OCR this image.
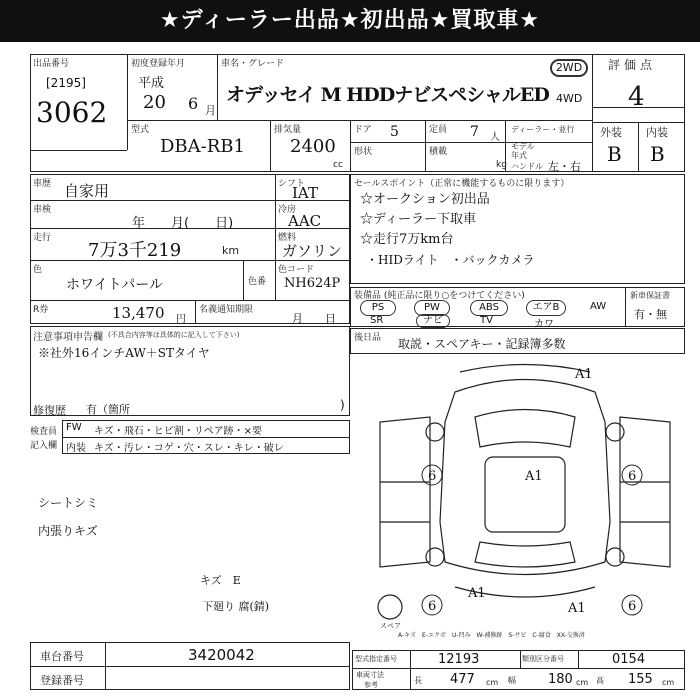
★ディーラー出品★初出品★買取車★
出品番号
[2195]
3062
初度登録年月
平成
20 6 月
車名・グレード
オデッセイ M HDDナビスペシャルED
2WD
4WD
評価点
4
外装 内装
B B
型式
DBA-RB1
排気量
2400
cc
ドア 5	定員 7 人
ディーラー・並行
形状	積載
kg
モデル年式
ハンドル 左・右
車歴 自家用
車検
年　　月(　　日)
走行
7万3千219	km
色
ホワイトパール	色番
R券	13,470 円
名義通知期限
月　　日
シフト
IAT
冷房
AAC
燃料
ガソリン
色コード
NH624P
セールスポイント（正常に機能するものに限ります）
☆オークション初出品
☆ディーラー下取車
☆走行7万km台
・HIDライト　・バックカメラ
装備品 (純正品に限り○をつけてください)
PS	PW	ABS	エアB	AW
SR	ナビ	TV	カワ
新車保証書
有・無
後日品 取説・スペアキー・記録簿多数
注意事項申告欄 (不具合内容等は具体的に記入して下さい)
※社外16インチAW＋STタイヤ
修復歴 有（箇所	)
検査員
記入欄
FW キズ・飛石・ヒビ割・リペア跡・×要
内装 キズ・汚レ・コゲ・穴・スレ・キレ・破レ
シートシミ
内張りキズ
キズ　E
下廻り 腐(錆)
A1
A1
A1
A1
6	6
6	6
スペア
A-キズ　E-エクボ　U-凹み　W-補修跡　S-サビ　C-腐食　XX-交換済
車台番号	3420042
登録番号
型式指定番号	12193	類別区分番号	0154
車両寸法
参考	長 477 cm 幅 180 cm 高 155 cm
